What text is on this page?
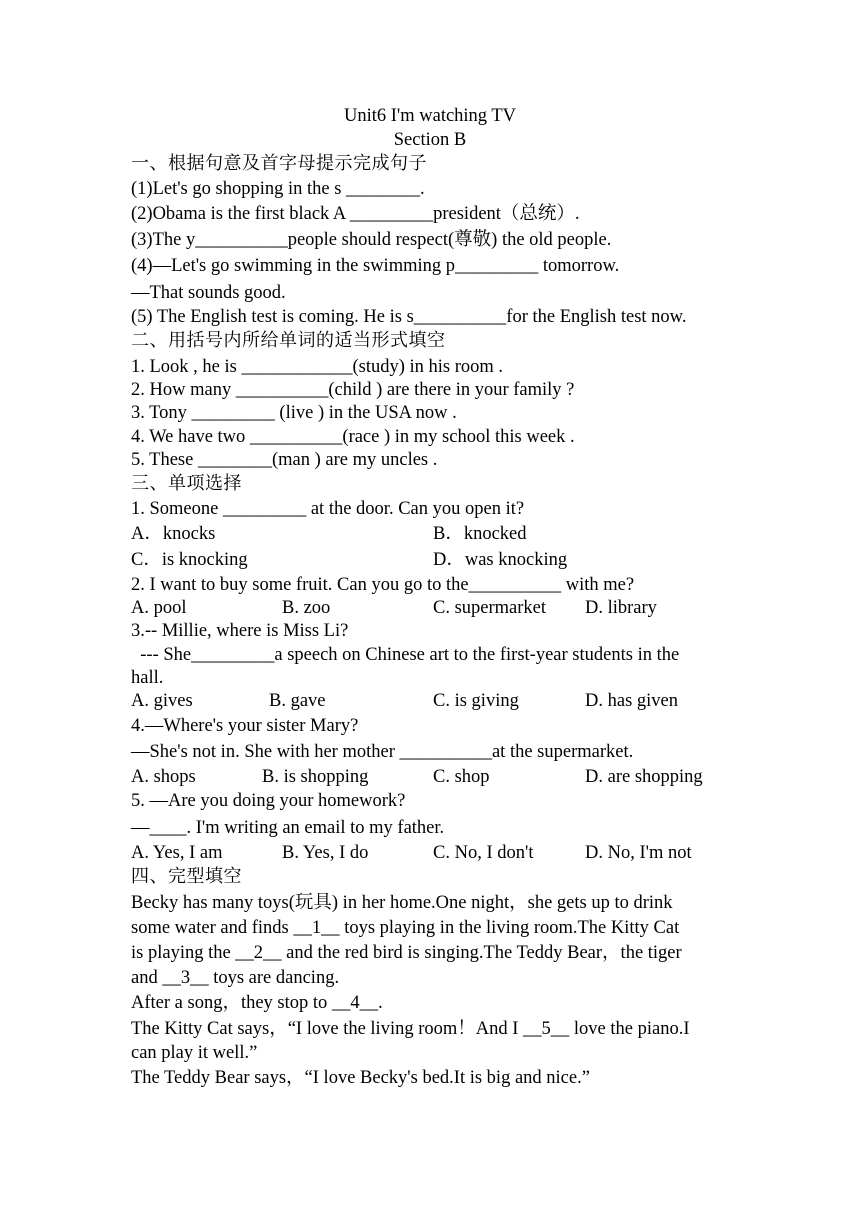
Unit6 I'm watching TV
Section B
一、根据句意及首字母提示完成句子
(1)Let's go shopping in the s ________.
(2)Obama is the first black A _________president（总统）.
(3)The y__________people should respect(尊敬) the old people.
(4)—Let's go swimming in the swimming p_________ tomorrow.
—That sounds good.
(5) The English test is coming. He is s__________for the English test now.
二、用括号内所给单词的适当形式填空
1. Look , he is ____________(study) in his room .
2. How many __________(child ) are there in your family ?
3. Tony _________ (live ) in the USA now .
4. We have two __________(race ) in my school this week .
5. These ________(man ) are my uncles .
三、单项选择
1. Someone _________ at the door. Can you open it?
A．knocks	B．knocked
C．is knocking	D．was knocking
2. I want to buy some fruit. Can you go to the__________ with me?
A. pool	B. zoo	C. supermarket D. library
3.-- Millie, where is Miss Li?
--- She_________a speech on Chinese art to the first-year students in the
hall.
A. gives	B. gave	C. is giving	D. has given
4.—Where's your sister Mary?
—She's not in. She with her mother __________at the supermarket.
A. shops	B. is shopping	C. shop	D. are shopping
5. —Are you doing your homework?
—____. I'm writing an email to my father.
A. Yes, I am	B. Yes, I do	C. No, I don't	D. No, I'm not
四、完型填空
Becky has many toys(玩具) in her home.One night，she gets up to drink
some water and finds __1__ toys playing in the living room.The Kitty Cat
is playing the __2__ and the red bird is singing.The Teddy Bear，the tiger
and __3__ toys are dancing.
After a song，they stop to __4__.
The Kitty Cat says，“I love the living room！And I __5__ love the piano.I
can play it well.”
The Teddy Bear says，“I love Becky's bed.It is big and nice.”
